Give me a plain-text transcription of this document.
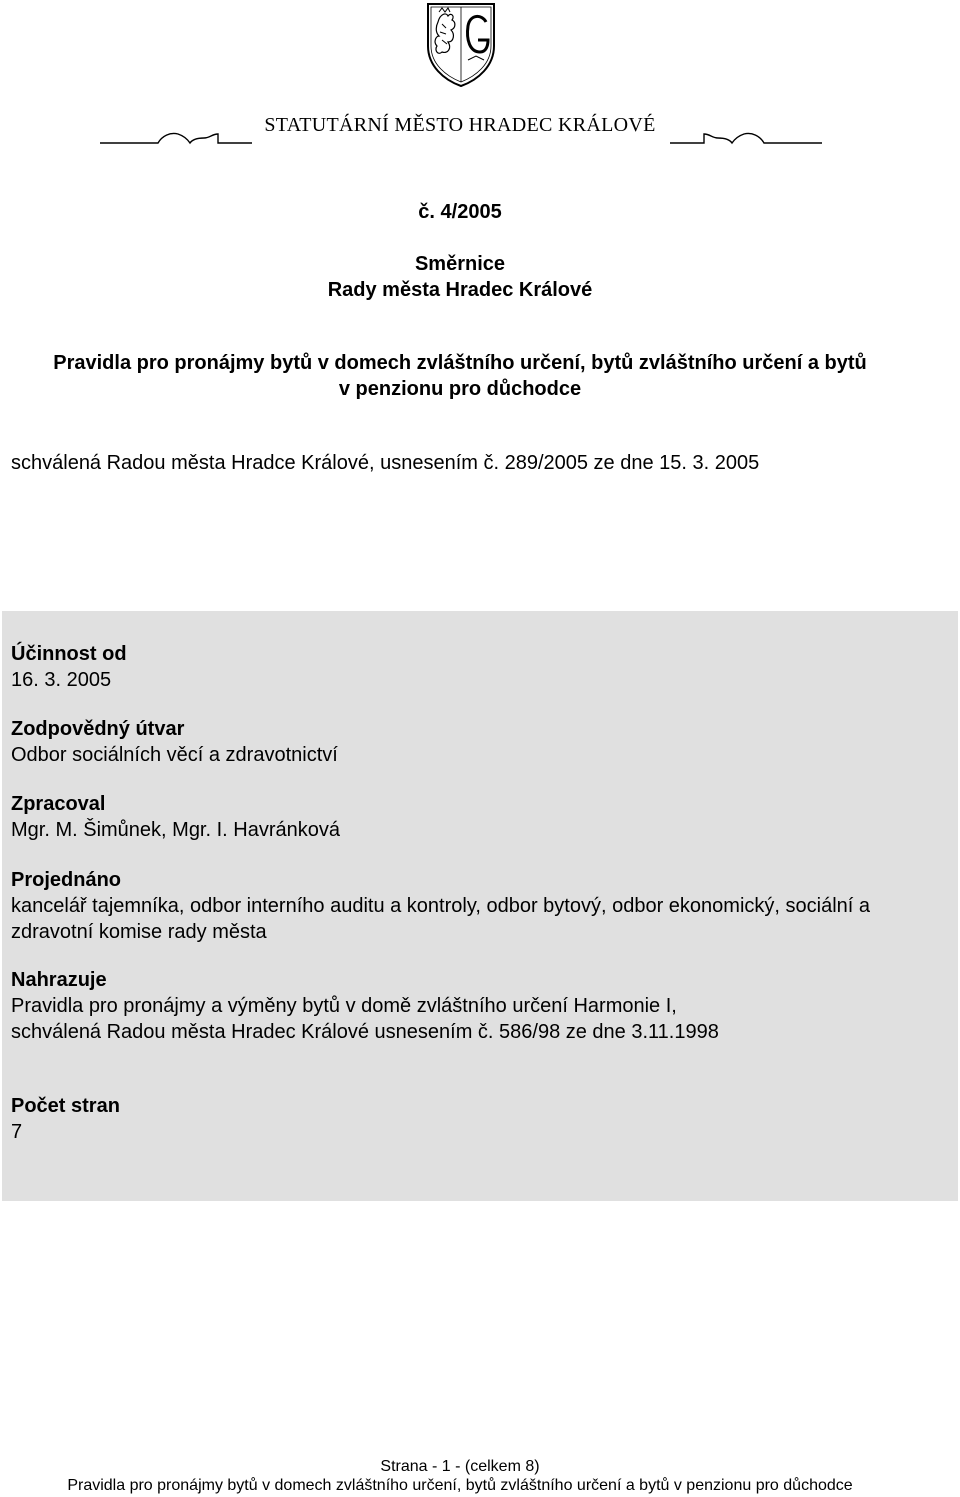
STATUTÁRNÍ MĚSTO HRADEC KRÁLOVÉ
č. 4/2005
Směrnice
Rady města Hradec Králové
Pravidla pro pronájmy bytů v domech zvláštního určení, bytů zvláštního určení a bytů
v penzionu pro důchodce
schválená Radou města Hradce Králové, usnesením č. 289/2005 ze dne 15. 3. 2005
Účinnost od
16. 3. 2005
Zodpovědný útvar
Odbor sociálních věcí a zdravotnictví
Zpracoval
Mgr. M. Šimůnek, Mgr. I. Havránková
Projednáno
kancelář tajemníka, odbor interního auditu a kontroly, odbor bytový, odbor ekonomický, sociální a zdravotní komise rady města
Nahrazuje
Pravidla pro pronájmy a výměny bytů v domě zvláštního určení Harmonie I,
schválená Radou města Hradec Králové usnesením č. 586/98 ze dne 3.11.1998
Počet stran
7
Strana - 1 - (celkem 8)
Pravidla pro pronájmy bytů v domech zvláštního určení, bytů zvláštního určení a bytů v penzionu pro důchodce
